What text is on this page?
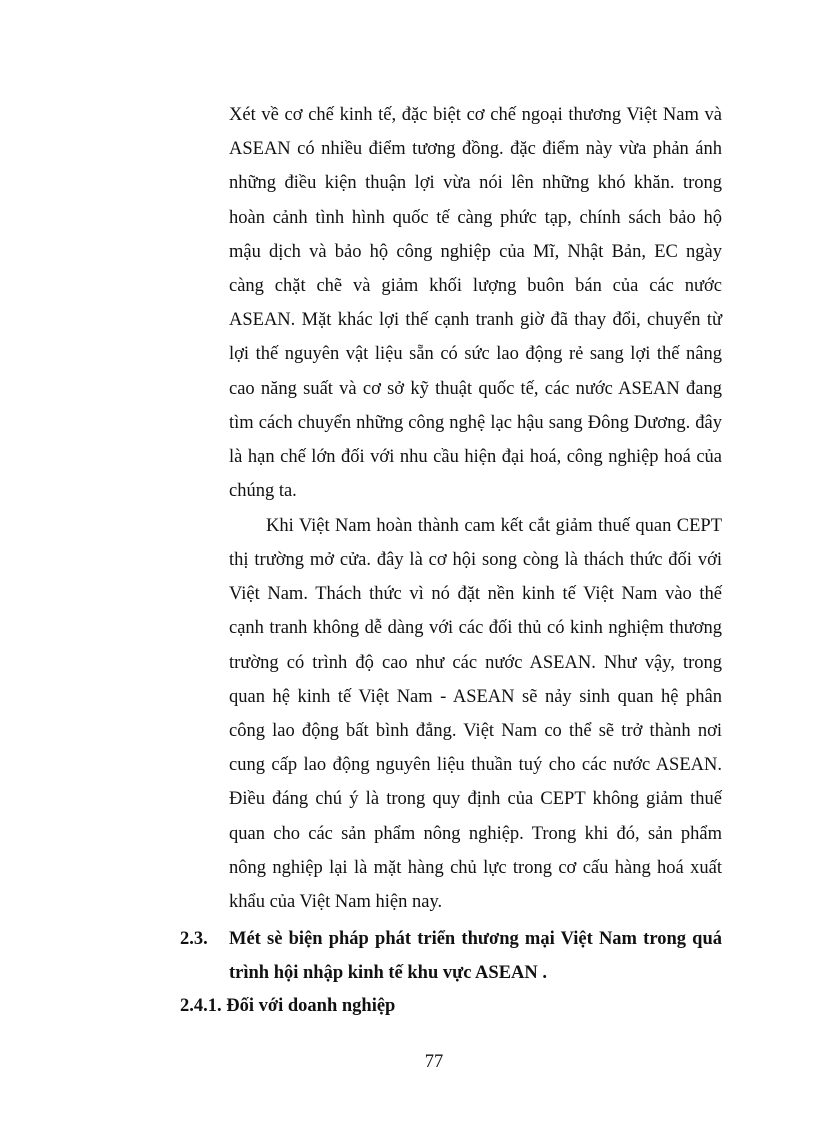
Xét về cơ chế kinh tế, đặc biệt cơ chế ngoại thương Việt Nam và
ASEAN có nhiều điểm tương đồng. đặc điểm này vừa phản ánh
những điều kiện thuận lợi vừa nói lên những khó khăn. trong
hoàn cảnh tình hình quốc tế càng phức tạp, chính sách bảo hộ
mậu dịch và bảo hộ công nghiệp của Mĩ, Nhật Bản, EC ngày
càng chặt chẽ và giảm khối lượng buôn bán của các nước
ASEAN. Mặt khác lợi thế cạnh tranh giờ đã thay đổi, chuyển từ
lợi thế nguyên vật liệu sẵn có sức lao động rẻ sang lợi thế nâng
cao năng suất và cơ sở kỹ thuật quốc tế, các nước ASEAN đang
tìm cách chuyển những công nghệ lạc hậu sang Đông Dương. đây
là hạn chế lớn đối với nhu cầu hiện đại hoá, công nghiệp hoá của
chúng ta.
Khi Việt Nam hoàn thành cam kết cắt giảm thuế quan CEPT
thị trường mở cửa. đây là cơ hội song còng là thách thức đối với
Việt Nam. Thách thức vì nó đặt nền kinh tế Việt Nam vào thế
cạnh tranh không dễ dàng với các đối thủ có kinh nghiệm thương
trường có trình độ cao như các nước ASEAN. Như vậy, trong
quan hệ kinh tế Việt Nam - ASEAN sẽ nảy sinh quan hệ phân
công lao động bất bình đẳng. Việt Nam co thể sẽ trở thành nơi
cung cấp lao động nguyên liệu thuần tuý cho các nước ASEAN.
Điều đáng chú ý là trong quy định của CEPT không giảm thuế
quan cho các sản phẩm nông nghiệp. Trong khi đó, sản phẩm
nông nghiệp lại là mặt hàng chủ lực trong cơ cấu hàng hoá xuất
khẩu của Việt Nam hiện nay.
2.3. Mét sè biện pháp phát triển thương mại Việt Nam trong quá
trình hội nhập kinh tế khu vực ASEAN .
2.4.1. Đối với doanh nghiệp
77
